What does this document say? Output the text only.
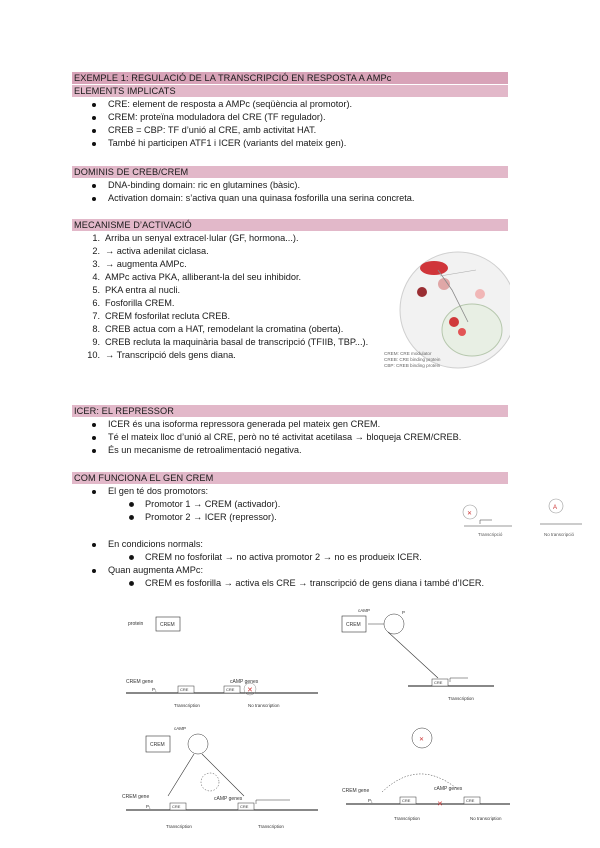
EXEMPLE 1: REGULACIÓ DE LA TRANSCRIPCIÓ EN RESPOSTA A AMPc
ELEMENTS IMPLICATS
CRE: element de resposta a AMPc (seqüència al promotor).
CREM: proteïna moduladora del CRE (TF regulador).
CREB = CBP: TF d’unió al CRE, amb activitat HAT.
També hi participen ATF1 i ICER (variants del mateix gen).
DOMINIS DE CREB/CREM
DNA-binding domain: ric en glutamines (bàsic).
Activation domain: s’activa quan una quinasa fosforilla una serina concreta.
MECANISME D’ACTIVACIÓ
1. Arriba un senyal extracel·lular (GF, hormona...).
2. → activa adenilat ciclasa.
3. → augmenta AMPc.
4. AMPc activa PKA, alliberant-la del seu inhibidor.
5. PKA entra al nucli.
6. Fosforilla CREM.
7. CREM fosforilat recluta CREB.
8. CREB actua com a HAT, remodelant la cromatina (oberta).
9. CREB recluta la maquinària basal de transcripció (TFIIB, TBP...).
10. → Transcripció dels gens diana.	CREM: CRE modulator
CREB: CRE binding protein
CBP: CREB binding protein
ICER: EL REPRESSOR
ICER és una isoforma repressora generada pel mateix gen CREM.
Té el mateix lloc d’unió al CRE, però no té activitat acetilasa → bloqueja CREM/CREB.
És un mecanisme de retroalimentació negativa.
COM FUNCIONA EL GEN CREM
El gen té dos promotors:
Promotor 1 → CREM (activador).
Promotor 2 → ICER (repressor).
En condicions normals:
CREM no fosforilat → no activa promotor 2 → no es produeix ICER.
Quan augmenta AMPc:
CREM es fosforilla → activa els CRE → transcripció de gens diana i també d’ICER.
✕
Transcripció
A
No transcripció
protein	CREM
CREM gene	cAMP genes
P₁	CRE	CRE ✕
Transcription	No transcription
cAMP
CREM
P
CRE
Transcription
cAMP
CREM
CREM gene	cAMP genes
P₁	CRE	CRE
Transcription	Transcription
✕
CREM gene	cAMP genes
P₁	CRE	CRE
✕
Transcription	No transcription
